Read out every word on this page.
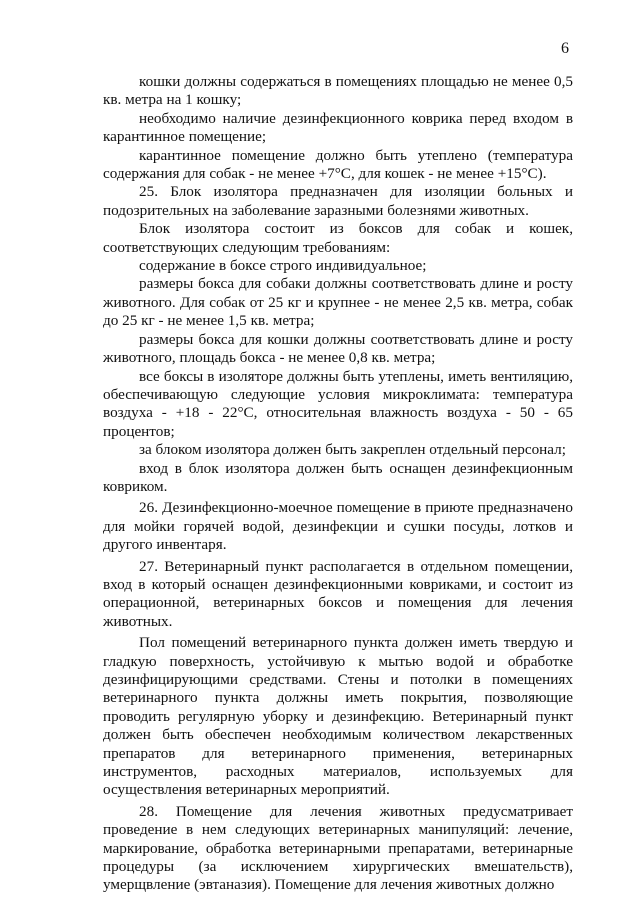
6

кошки должны содержаться в помещениях площадью не менее 0,5 кв. метра на 1 кошку;

необходимо наличие дезинфекционного коврика перед входом в карантинное помещение;

карантинное помещение должно быть утеплено (температура содержания для собак - не менее +7°С, для кошек - не менее +15°С).

25. Блок изолятора предназначен для изоляции больных и подозрительных на заболевание заразными болезнями животных.

Блок изолятора состоит из боксов для собак и кошек, соответствующих следующим требованиям:

содержание в боксе строго индивидуальное;

размеры бокса для собаки должны соответствовать длине и росту животного. Для собак от 25 кг и крупнее - не менее 2,5 кв. метра, собак до 25 кг - не менее 1,5 кв. метра;

размеры бокса для кошки должны соответствовать длине и росту животного, площадь бокса - не менее 0,8 кв. метра;

все боксы в изоляторе должны быть утеплены, иметь вентиляцию, обеспечивающую следующие условия микроклимата: температура воздуха - +18 - 22°С, относительная влажность воздуха - 50 - 65 процентов;

за блоком изолятора должен быть закреплен отдельный персонал;

вход в блок изолятора должен быть оснащен дезинфекционным ковриком.

26. Дезинфекционно-моечное помещение в приюте предназначено для мойки горячей водой, дезинфекции и сушки посуды, лотков и другого инвентаря.

27. Ветеринарный пункт располагается в отдельном помещении, вход в который оснащен дезинфекционными ковриками, и состоит из операционной, ветеринарных боксов и помещения для лечения животных.

Пол помещений ветеринарного пункта должен иметь твердую и гладкую поверхность, устойчивую к мытью водой и обработке дезинфицирующими средствами. Стены и потолки в помещениях ветеринарного пункта должны иметь покрытия, позволяющие проводить регулярную уборку и дезинфекцию. Ветеринарный пункт должен быть обеспечен необходимым количеством лекарственных препаратов для ветеринарного применения, ветеринарных инструментов, расходных материалов, используемых для осуществления ветеринарных мероприятий.

28. Помещение для лечения животных предусматривает проведение в нем следующих ветеринарных манипуляций: лечение, маркирование, обработка ветеринарными препаратами, ветеринарные процедуры (за исключением хирургических вмешательств), умерщвление (эвтаназия). Помещение для лечения животных должно
